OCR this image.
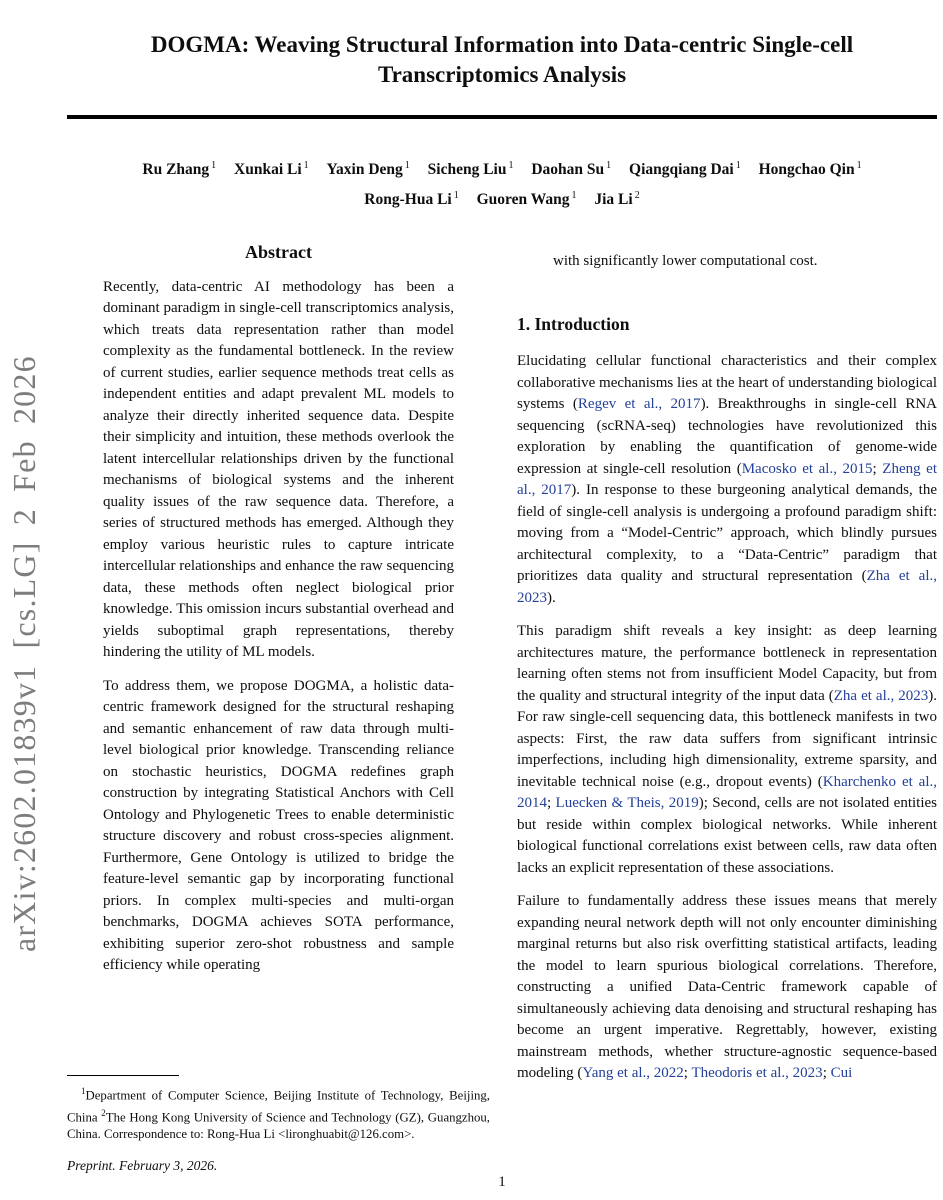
arXiv:2602.01839v1 [cs.LG] 2 Feb 2026
DOGMA: Weaving Structural Information into Data-centric Single-cell
Transcriptomics Analysis
Ru Zhang $^1$ Xunkai Li $^1$ Yaxin Deng $^1$ Sicheng Liu $^1$ Daohan Su $^1$ Qiangqiang Dai $^1$ Hongchao Qin $^1$
Rong-Hua Li $^1$ Guoren Wang $^1$ Jia Li $^2$
Abstract

Recently, data-centric AI methodology has been a dominant paradigm in single-cell transcriptomics analysis, which treats data representation rather than model complexity as the fundamental bottleneck. In the review of current studies, earlier sequence methods treat cells as independent entities and adapt prevalent ML models to analyze their directly inherited sequence data. Despite their simplicity and intuition, these methods overlook the latent intercellular relationships driven by the functional mechanisms of biological systems and the inherent quality issues of the raw sequence data. Therefore, a series of structured methods has emerged. Although they employ various heuristic rules to capture intricate intercellular relationships and enhance the raw sequencing data, these methods often neglect biological prior knowledge. This omission incurs substantial overhead and yields suboptimal graph representations, thereby hindering the utility of ML models.

To address them, we propose DOGMA, a holistic data-centric framework designed for the structural reshaping and semantic enhancement of raw data through multi-level biological prior knowledge. Transcending reliance on stochastic heuristics, DOGMA redefines graph construction by integrating Statistical Anchors with Cell Ontology and Phylogenetic Trees to enable deterministic structure discovery and robust cross-species alignment. Furthermore, Gene Ontology is utilized to bridge the feature-level semantic gap by incorporating functional priors. In complex multi-species and multi-organ benchmarks, DOGMA achieves SOTA performance, exhibiting superior zero-shot robustness and sample efficiency while operating

$^1$Department of Computer Science, Beijing Institute of Technology, Beijing, China $^2$The Hong Kong University of Science and Technology (GZ), Guangzhou, China. Correspondence to: Rong-Hua Li <lironghuabit@126.com>.

Preprint. February 3, 2026.

with significantly lower computational cost.

1. Introduction

Elucidating cellular functional characteristics and their complex collaborative mechanisms lies at the heart of understanding biological systems (Regev et al., 2017). Breakthroughs in single-cell RNA sequencing (scRNA-seq) technologies have revolutionized this exploration by enabling the quantification of genome-wide expression at single-cell resolution (Macosko et al., 2015; Zheng et al., 2017). In response to these burgeoning analytical demands, the field of single-cell analysis is undergoing a profound paradigm shift: moving from a “Model-Centric” approach, which blindly pursues architectural complexity, to a “Data-Centric” paradigm that prioritizes data quality and structural representation (Zha et al., 2023).

This paradigm shift reveals a key insight: as deep learning architectures mature, the performance bottleneck in representation learning often stems not from insufficient Model Capacity, but from the quality and structural integrity of the input data (Zha et al., 2023). For raw single-cell sequencing data, this bottleneck manifests in two aspects: First, the raw data suffers from significant intrinsic imperfections, including high dimensionality, extreme sparsity, and inevitable technical noise (e.g., dropout events) (Kharchenko et al., 2014; Luecken & Theis, 2019); Second, cells are not isolated entities but reside within complex biological networks. While inherent biological functional correlations exist between cells, raw data often lacks an explicit representation of these associations.

Failure to fundamentally address these issues means that merely expanding neural network depth will not only encounter diminishing marginal returns but also risk overfitting statistical artifacts, leading the model to learn spurious biological correlations. Therefore, constructing a unified Data-Centric framework capable of simultaneously achieving data denoising and structural reshaping has become an urgent imperative. Regrettably, however, existing mainstream methods, whether structure-agnostic sequence-based modeling (Yang et al., 2022; Theodoris et al., 2023; Cui

1
